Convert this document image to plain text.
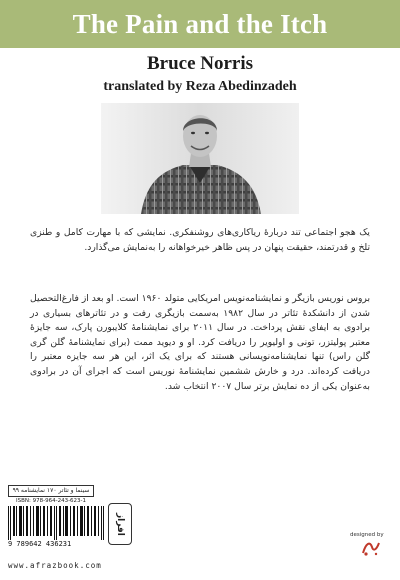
The Pain and the Itch
Bruce Norris
translated by Reza Abedinzadeh
یک هجو اجتماعی تند دربارهٔ ریاکاری‌های روشنفکری. نمایشی که با مهارت کامل و طنزی تلخ و قدرتمند، حقیقت پنهان در پس ظاهر خیرخواهانه را به‌نمایش می‌گذارد.
بروس نوریس بازیگر و نمایشنامه‌نویس امریکایی متولد ۱۹۶۰ است. او بعد از فارغ‌التحصیل شدن از دانشکدهٔ تئاتر در سال ۱۹۸۲ به‌سمت بازیگری رفت و در تئاترهای بسیاری در برادوی به ایفای نقش پرداخت. در سال ۲۰۱۱ برای نمایشنامهٔ کلایبورن پارک، سه جایزهٔ معتبر پولیتزر، تونی و اولیویر را دریافت کرد. او و دیوید ممت (برای نمایشنامهٔ گلن گری گلن راس) تنها نمایشنامه‌نویسانی هستند که برای یک اثر، این هر سه جایزه معتبر را دریافت کرده‌اند. درد و خارش ششمین نمایشنامهٔ نوریس است که اجرای آن در برادوی به‌عنوان یکی از ده نمایش برتر سال ۲۰۰۷ انتخاب شد.
سینما و تئاتر ۱۷۰ نمایشنامه ۹۹
ISBN: 978-964-243-623-1
9 789642 436231
افراز
www.afrazbook.com
designed by
